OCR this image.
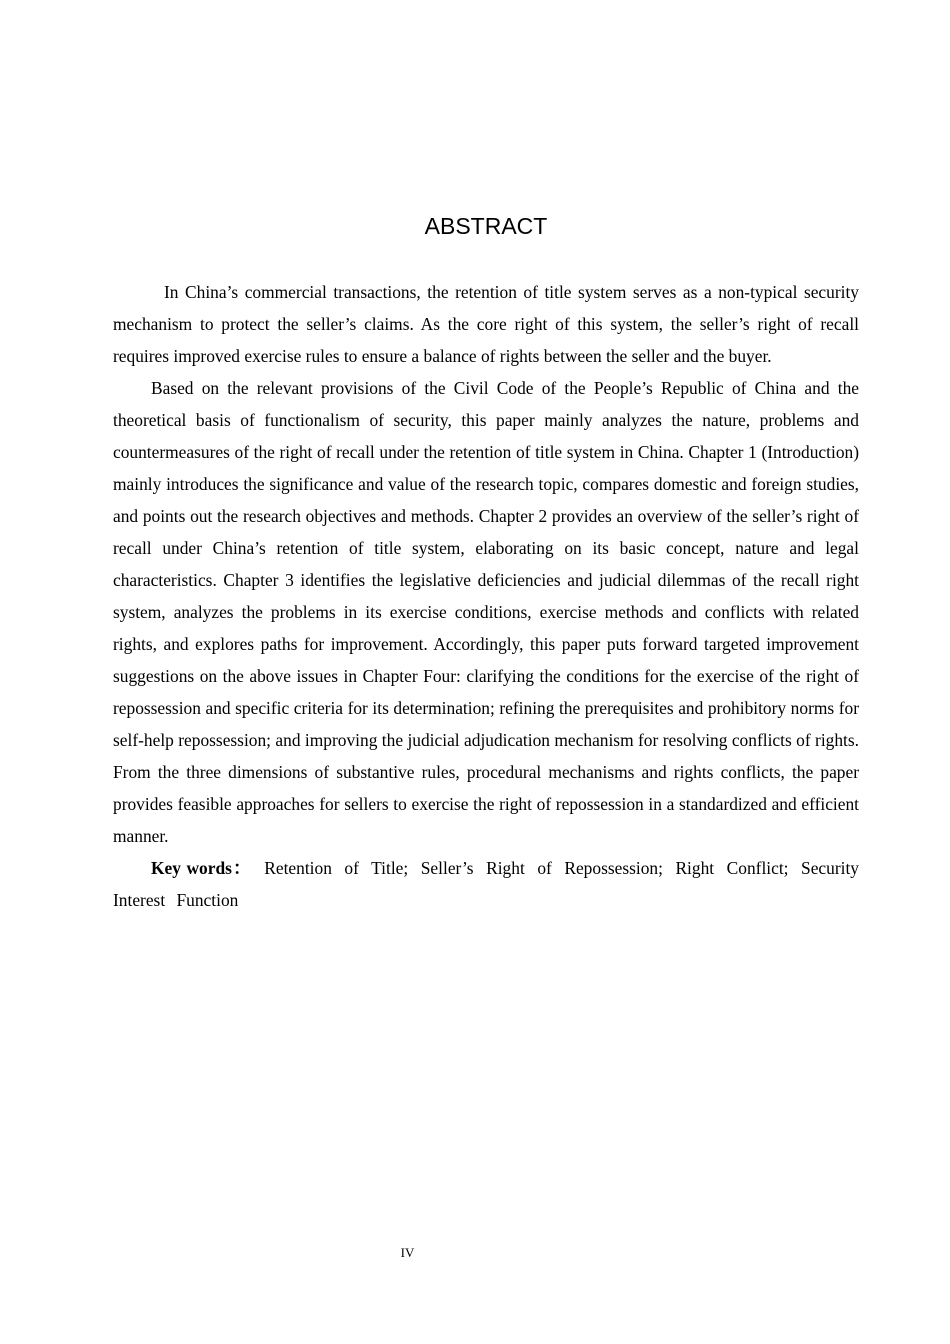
ABSTRACT

In China’s commercial transactions, the retention of title system serves as a non-typical security mechanism to protect the seller’s claims. As the core right of this system, the seller’s right of recall requires improved exercise rules to ensure a balance of rights between the seller and the buyer.

Based on the relevant provisions of the Civil Code of the People’s Republic of China and the theoretical basis of functionalism of security, this paper mainly analyzes the nature, problems and countermeasures of the right of recall under the retention of title system in China. Chapter 1 (Introduction) mainly introduces the significance and value of the research topic, compares domestic and foreign studies, and points out the research objectives and methods. Chapter 2 provides an overview of the seller’s right of recall under China’s retention of title system, elaborating on its basic concept, nature and legal characteristics. Chapter 3 identifies the legislative deficiencies and judicial dilemmas of the recall right system, analyzes the problems in its exercise conditions, exercise methods and conflicts with related rights, and explores paths for improvement. Accordingly, this paper puts forward targeted improvement suggestions on the above issues in Chapter Four: clarifying the conditions for the exercise of the right of repossession and specific criteria for its determination; refining the prerequisites and prohibitory norms for self-help repossession; and improving the judicial adjudication mechanism for resolving conflicts of rights. From the three dimensions of substantive rules, procedural mechanisms and rights conflicts, the paper provides feasible approaches for sellers to exercise the right of repossession in a standardized and efficient manner.

Key words： Retention of Title; Seller’s Right of Repossession; Right Conflict; Security Interest Function

IV
